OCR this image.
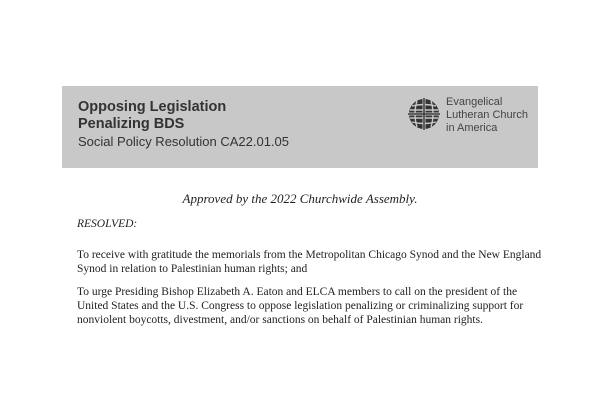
Opposing Legislation
Penalizing BDS
Social Policy Resolution CA22.01.05
Evangelical
Lutheran Church
in America
Approved by the 2022 Churchwide Assembly.
RESOLVED:
To receive with gratitude the memorials from the Metropolitan Chicago Synod and the New England Synod in relation to Palestinian human rights; and
To urge Presiding Bishop Elizabeth A. Eaton and ELCA members to call on the president of the United States and the U.S. Congress to oppose legislation penalizing or criminalizing support for nonviolent boycotts, divestment, and/or sanctions on behalf of Palestinian human rights.
